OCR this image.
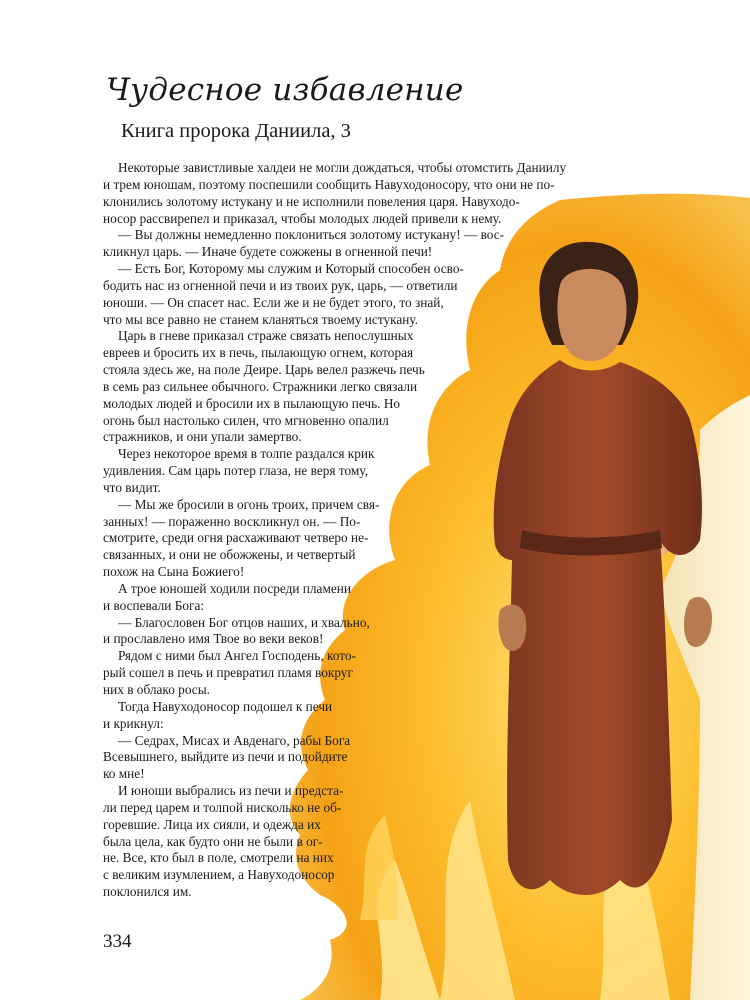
Чудесное избавление
Книга пророка Даниила, 3
Некоторые завистливые халдеи не могли дождаться, чтобы отомстить Даниилу
и трем юношам, поэтому поспешили сообщить Навуходоносору, что они не по-
клонились золотому истукану и не исполнили повеления царя. Навуходо-
носор рассвирепел и приказал, чтобы молодых людей привели к нему.
— Вы должны немедленно поклониться золотому истукану! — вос-
кликнул царь. — Иначе будете сожжены в огненной печи!
— Есть Бог, Которому мы служим и Который способен осво-
бодить нас из огненной печи и из твоих рук, царь, — ответили
юноши. — Он спасет нас. Если же и не будет этого, то знай,
что мы все равно не станем кланяться твоему истукану.
Царь в гневе приказал страже связать непослушных
евреев и бросить их в печь, пылающую огнем, которая
стояла здесь же, на поле Деире. Царь велел разжечь печь
в семь раз сильнее обычного. Стражники легко связали
молодых людей и бросили их в пылающую печь. Но
огонь был настолько силен, что мгновенно опалил
стражников, и они упали замертво.
Через некоторое время в толпе раздался крик
удивления. Сам царь потер глаза, не веря тому,
что видит.
— Мы же бросили в огонь троих, причем свя-
занных! — пораженно воскликнул он. — По-
смотрите, среди огня расхаживают четверо не-
связанных, и они не обожжены, и четвертый
похож на Сына Божиего!
А трое юношей ходили посреди пламени
и воспевали Бога:
— Благословен Бог отцов наших, и хвально,
и прославлено имя Твое во веки веков!
Рядом с ними был Ангел Господень, кото-
рый сошел в печь и превратил пламя вокруг
них в облако росы.
Тогда Навуходоносор подошел к печи
и крикнул:
— Седрах, Мисах и Авденаго, рабы Бога
Всевышнего, выйдите из печи и подойдите
ко мне!
И юноши выбрались из печи и предста-
ли перед царем и толпой нисколько не об-
горевшие. Лица их сияли, и одежда их
была цела, как будто они не были в ог-
не. Все, кто был в поле, смотрели на них
с великим изумлением, а Навуходоносор
поклонился им.
334
